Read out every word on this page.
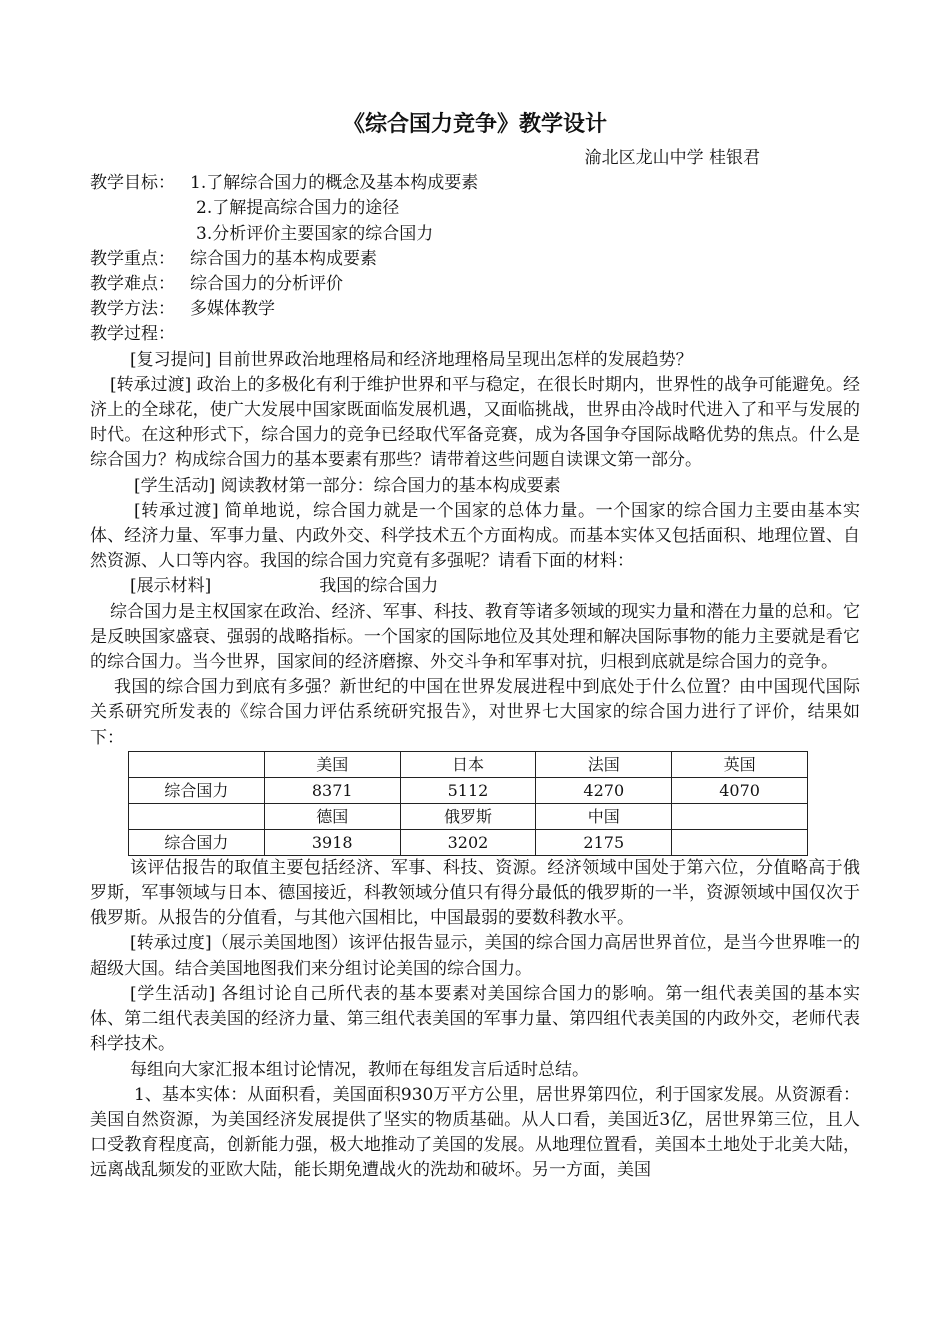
《综合国力竞争》教学设计

渝北区龙山中学 桂银君

教学目标： 1.了解综合国力的概念及基本构成要素

2.了解提高综合国力的途径

3.分析评价主要国家的综合国力

教学重点： 综合国力的基本构成要素
教学难点： 综合国力的分析评价
教学方法： 多媒体教学

教学过程：

[复习提问] 目前世界政治地理格局和经济地理格局呈现出怎样的发展趋势？

[转承过渡] 政治上的多极化有利于维护世界和平与稳定，在很长时期内，世界性的战争可能避免。经济上的全球花，使广大发展中国家既面临发展机遇，又面临挑战，世界由冷战时代进入了和平与发展的时代。在这种形式下，综合国力的竞争已经取代军备竞赛，成为各国争夺国际战略优势的焦点。什么是综合国力？构成综合国力的基本要素有那些？请带着这些问题自读课文第一部分。

[学生活动] 阅读教材第一部分：综合国力的基本构成要素

[转承过渡] 简单地说，综合国力就是一个国家的总体力量。一个国家的综合国力主要由基本实体、经济力量、军事力量、内政外交、科学技术五个方面构成。而基本实体又包括面积、地理位置、自然资源、人口等内容。我国的综合国力究竟有多强呢？请看下面的材料：

[展示材料]	我国的综合国力

综合国力是主权国家在政治、经济、军事、科技、教育等诸多领域的现实力量和潜在力量的总和。它是反映国家盛衰、强弱的战略指标。一个国家的国际地位及其处理和解决国际事物的能力主要就是看它的综合国力。当今世界，国家间的经济磨擦、外交斗争和军事对抗，归根到底就是综合国力的竞争。

我国的综合国力到底有多强？新世纪的中国在世界发展进程中到底处于什么位置？由中国现代国际关系研究所发表的《综合国力评估系统研究报告》，对世界七大国家的综合国力进行了评价，结果如下：

	美国	日本	法国	英国
综合国力	8371	5112	4270	4070
	德国	俄罗斯	中国	
综合国力	3918	3202	2175	

该评估报告的取值主要包括经济、军事、科技、资源。经济领域中国处于第六位，分值略高于俄罗斯，军事领域与日本、德国接近，科教领域分值只有得分最低的俄罗斯的一半，资源领域中国仅次于俄罗斯。从报告的分值看，与其他六国相比，中国最弱的要数科教水平。

[转承过度]（展示美国地图）该评估报告显示，美国的综合国力高居世界首位，是当今世界唯一的超级大国。结合美国地图我们来分组讨论美国的综合国力。

[学生活动] 各组讨论自己所代表的基本要素对美国综合国力的影响。第一组代表美国的基本实体、第二组代表美国的经济力量、第三组代表美国的军事力量、第四组代表美国的内政外交，老师代表科学技术。

每组向大家汇报本组讨论情况，教师在每组发言后适时总结。

1、基本实体：从面积看，美国面积930万平方公里，居世界第四位，利于国家发展。从资源看：美国自然资源，为美国经济发展提供了坚实的物质基础。从人口看，美国近3亿，居世界第三位，且人口受教育程度高，创新能力强，极大地推动了美国的发展。从地理位置看，美国本土地处于北美大陆，远离战乱频发的亚欧大陆，能长期免遭战火的洗劫和破坏。另一方面，美国
